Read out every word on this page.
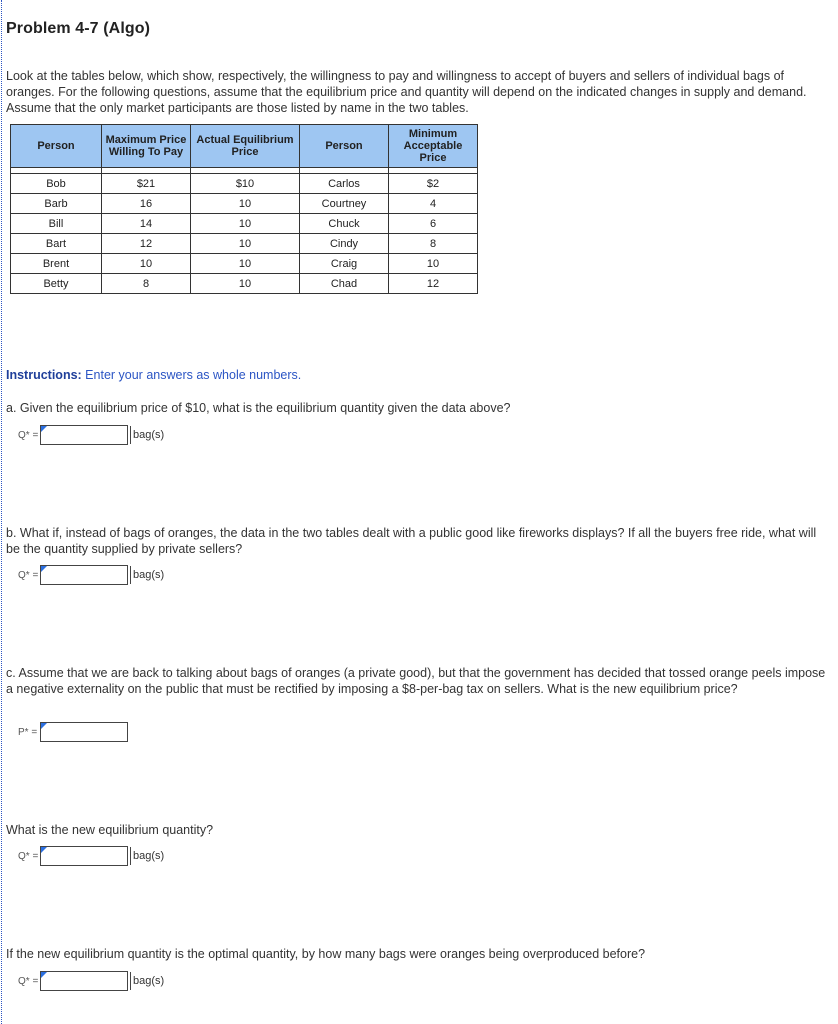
Problem 4-7 (Algo)
Look at the tables below, which show, respectively, the willingness to pay and willingness to accept of buyers and sellers of individual bags of oranges. For the following questions, assume that the equilibrium price and quantity will depend on the indicated changes in supply and demand. Assume that the only market participants are those listed by name in the two tables.
Person	Maximum Price Willing To Pay	Actual Equilibrium Price	Person	Minimum Acceptable Price

Bob	$21	$10	Carlos	$2
Barb	16	10	Courtney	4
Bill	14	10	Chuck	6
Bart	12	10	Cindy	8
Brent	10	10	Craig	10
Betty	8	10	Chad	12
Instructions: Enter your answers as whole numbers.
a. Given the equilibrium price of $10, what is the equilibrium quantity given the data above?
Q* =	bag(s)
b. What if, instead of bags of oranges, the data in the two tables dealt with a public good like fireworks displays? If all the buyers free ride, what will be the quantity supplied by private sellers?
Q* =	bag(s)
c. Assume that we are back to talking about bags of oranges (a private good), but that the government has decided that tossed orange peels impose a negative externality on the public that must be rectified by imposing a $8-per-bag tax on sellers. What is the new equilibrium price?
P* =
What is the new equilibrium quantity?
Q* =	bag(s)
If the new equilibrium quantity is the optimal quantity, by how many bags were oranges being overproduced before?
Q* =	bag(s)
